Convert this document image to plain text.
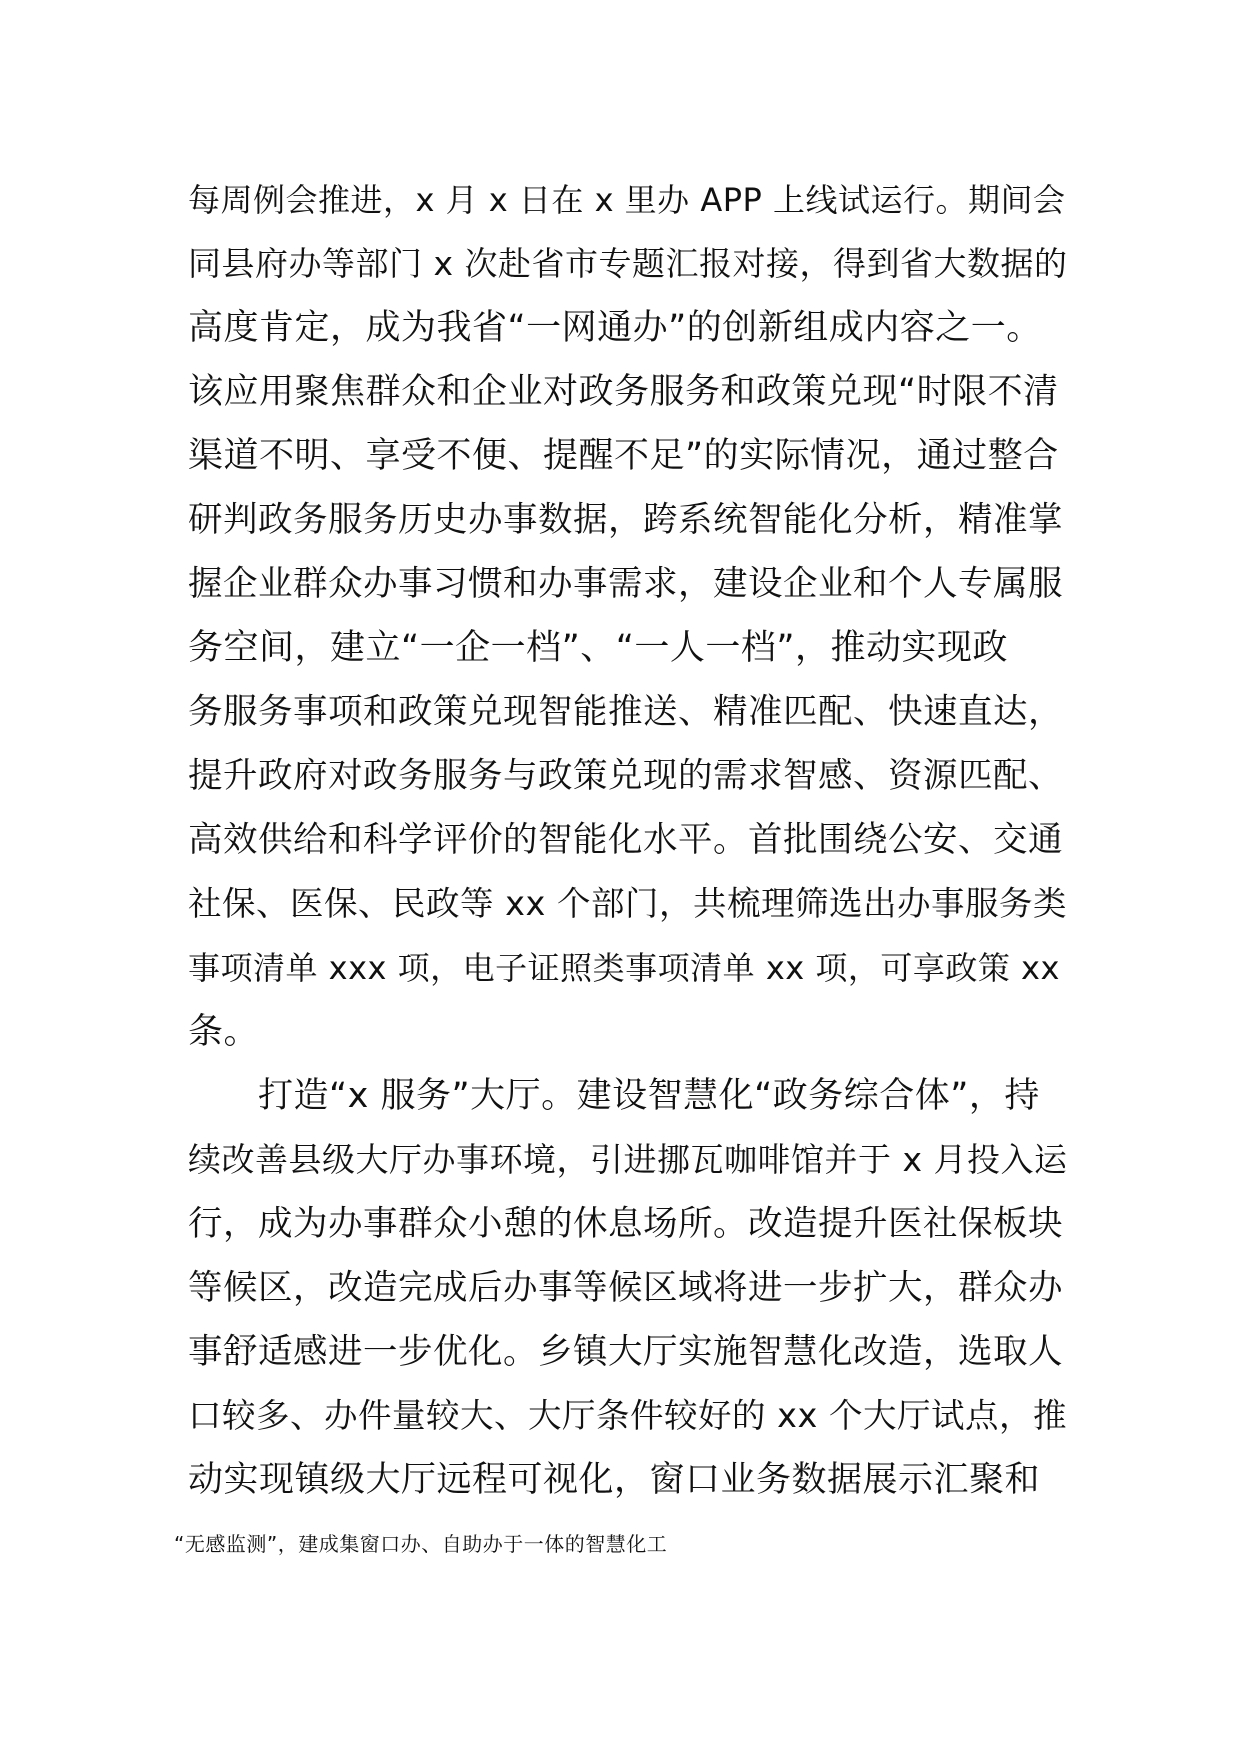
每周例会推进，x 月 x 日在 x 里办 APP 上线试运行。期间会
同县府办等部门 x 次赴省市专题汇报对接，得到省大数据的
高度肯定，成为我省“一网通办”的创新组成内容之一。
该应用聚焦群众和企业对政务服务和政策兑现“时限不清
渠道不明、享受不便、提醒不足”的实际情况，通过整合
研判政务服务历史办事数据，跨系统智能化分析，精准掌
握企业群众办事习惯和办事需求，建设企业和个人专属服
务空间，建立“一企一档”、“一人一档”，推动实现政
务服务事项和政策兑现智能推送、精准匹配、快速直达，
提升政府对政务服务与政策兑现的需求智感、资源匹配、
高效供给和科学评价的智能化水平。首批围绕公安、交通
社保、医保、民政等 xx 个部门，共梳理筛选出办事服务类
事项清单 xxx 项，电子证照类事项清单 xx 项，可享政策 xx
条。
打造“x 服务”大厅。建设智慧化“政务综合体”，持
续改善县级大厅办事环境，引进挪瓦咖啡馆并于 x 月投入运
行，成为办事群众小憩的休息场所。改造提升医社保板块
等候区，改造完成后办事等候区域将进一步扩大，群众办
事舒适感进一步优化。乡镇大厅实施智慧化改造，选取人
口较多、办件量较大、大厅条件较好的 xx 个大厅试点，推
动实现镇级大厅远程可视化，窗口业务数据展示汇聚和
“无感监测”，建成集窗口办、自助办于一体的智慧化工
